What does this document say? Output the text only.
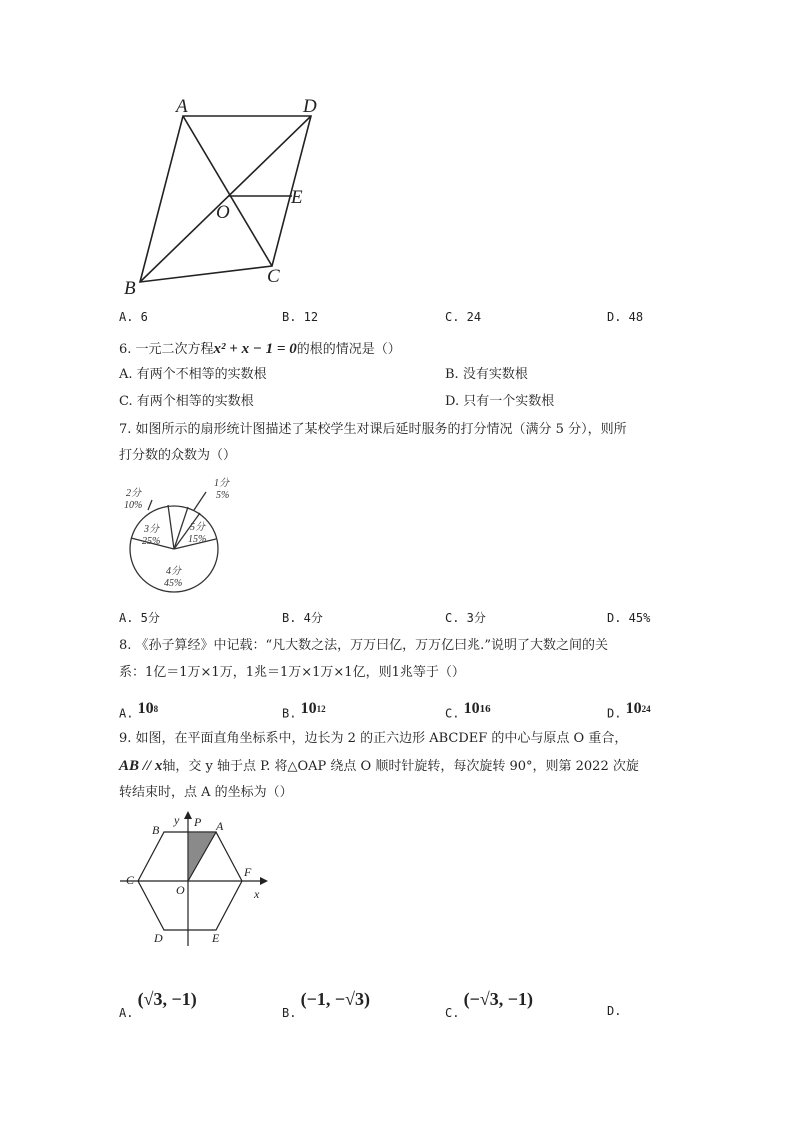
A	D
O
E
B
C
A. 6	B. 12	C. 24	D. 48
6. 一元二次方程x² + x − 1 = 0的根的情况是（）
A. 有两个不相等的实数根	B. 没有实数根
C. 有两个相等的实数根	D. 只有一个实数根
7. 如图所示的扇形统计图描述了某校学生对课后延时服务的打分情况（满分 5 分），则所
打分数的众数为（）
1分
5%
2分
10%
3分
25%
5分
15%
4分
45%
A. 5分	B. 4分	C. 3分	D. 45%
8. 《孙子算经》中记载：“凡大数之法，万万曰亿，万万亿曰兆.”说明了大数之间的关
系：1亿＝1万×1万，1兆＝1万×1万×1亿，则1兆等于（）
A. $10^8$	B. $10^{12}$	C. $10^{16}$	D. $10^{24}$
9. 如图，在平面直角坐标系中，边长为 2 的正六边形 ABCDEF 的中心与原点 O 重合，
AB // x轴，交 y 轴于点 P. 将△OAP 绕点 O 顺时针旋转，每次旋转 90°，则第 2022 次旋
转结束时，点 A 的坐标为（）
y P A
B
C
F
x
O
D	E
A. (√3, −1)
B. (−1, −√3)
C. (−√3, −1)
D.
